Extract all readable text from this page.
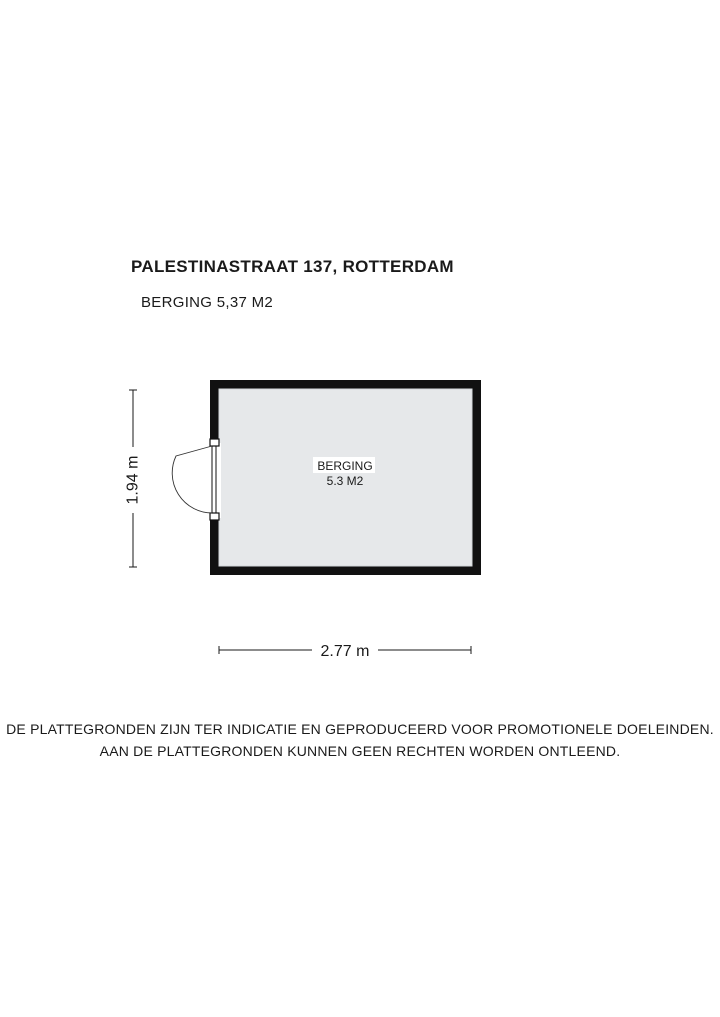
PALESTINASTRAAT 137, ROTTERDAM
BERGING 5,37 M2
BERGING
5.3 M2
1.94 m
2.77 m
DE PLATTEGRONDEN ZIJN TER INDICATIE EN GEPRODUCEERD VOOR PROMOTIONELE DOELEINDEN.
AAN DE PLATTEGRONDEN KUNNEN GEEN RECHTEN WORDEN ONTLEEND.
